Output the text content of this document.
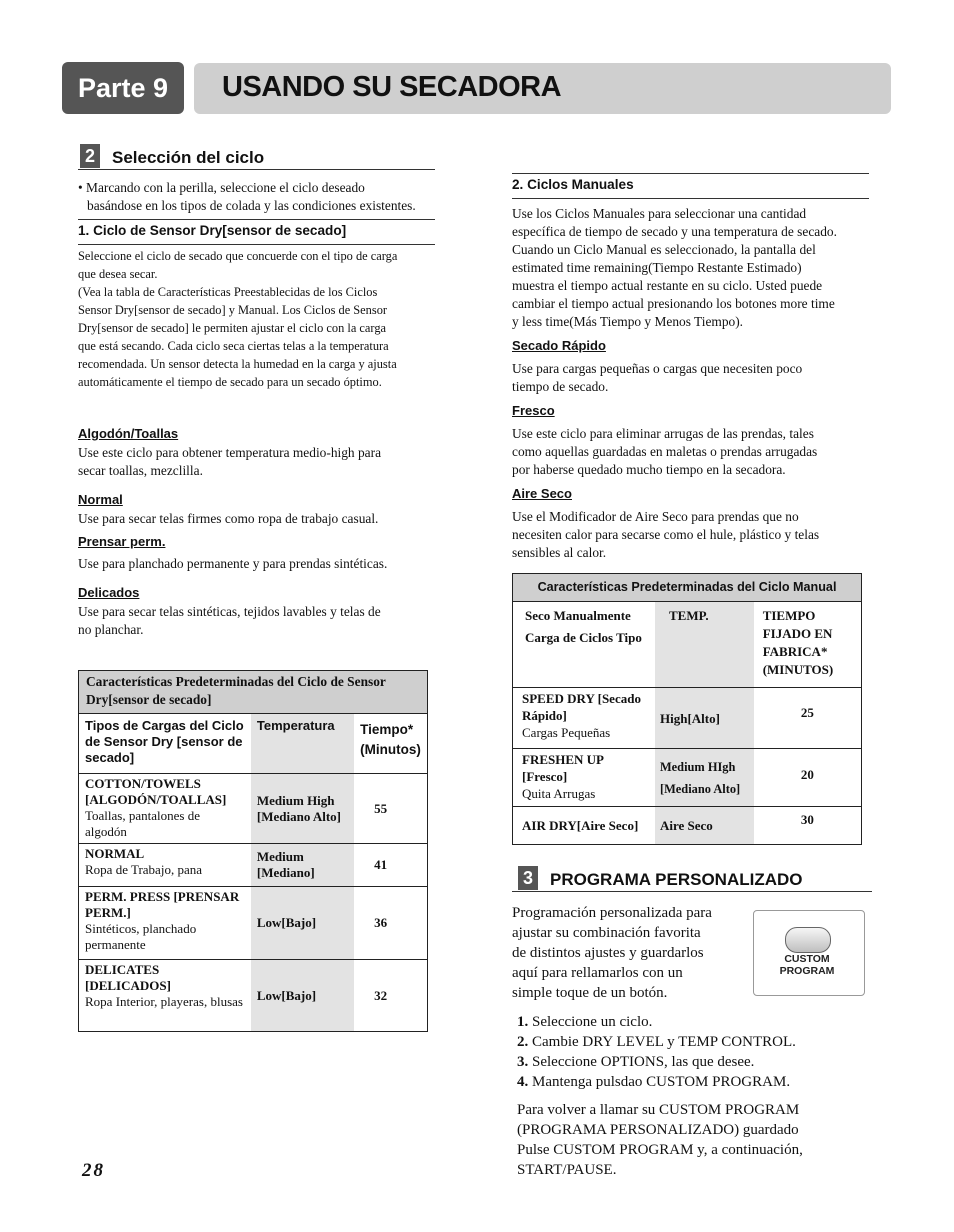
Parte 9	USANDO SU SECADORA
2 Selección del ciclo
• Marcando con la perilla, seleccione el ciclo deseado
basándose en los tipos de colada y las condiciones existentes.
1. Ciclo de Sensor Dry[sensor de secado]
Seleccione el ciclo de secado que concuerde con el tipo de carga
que desea secar.
(Vea la tabla de Características Preestablecidas de los Ciclos
Sensor Dry[sensor de secado] y Manual. Los Ciclos de Sensor
Dry[sensor de secado] le permiten ajustar el ciclo con la carga
que está secando. Cada ciclo seca ciertas telas a la temperatura
recomendada. Un sensor detecta la humedad en la carga y ajusta
automáticamente el tiempo de secado para un secado óptimo.
Algodón/Toallas
Use este ciclo para obtener temperatura medio-high para
secar toallas, mezclilla.
Normal
Use para secar telas firmes como ropa de trabajo casual.
Prensar perm.
Use para planchado permanente y para prendas sintéticas.
Delicados
Use para secar telas sintéticas, tejidos lavables y telas de
no planchar.
Características Predeterminadas del Ciclo de Sensor Dry[sensor de secado]		
Tipos de Cargas del Ciclo de Sensor Dry [sensor de secado]	Temperatura	Tiempo* (Minutos)

COTTON/TOWELS [ALGODÓN/TOALLAS]
Toallas, pantalones de algodón	Medium High [Mediano Alto]	55

NORMAL
Ropa de Trabajo, pana	Medium [Mediano]	41

PERM. PRESS [PRENSAR PERM.]
Sintéticos, planchado permanente	Low[Bajo]	36

DELICATES [DELICADOS]
Ropa Interior, playeras, blusas	Low[Bajo]	32
2. Ciclos Manuales
Use los Ciclos Manuales para seleccionar una cantidad
específica de tiempo de secado y una temperatura de secado.
Cuando un Ciclo Manual es seleccionado, la pantalla del
estimated time remaining(Tiempo Restante Estimado)
muestra el tiempo actual restante en su ciclo. Usted puede
cambiar el tiempo actual presionando los botones more time
y less time(Más Tiempo y Menos Tiempo).
Secado Rápido
Use para cargas pequeñas o cargas que necesiten poco
tiempo de secado.
Fresco
Use este ciclo para eliminar arrugas de las prendas, tales
como aquellas guardadas en maletas o prendas arrugadas
por haberse quedado mucho tiempo en la secadora.
Aire Seco
Use el Modificador de Aire Seco para prendas que no
necesiten calor para secarse como el hule, plástico y telas
sensibles al calor.
Características Predeterminadas del Ciclo Manual		

Seco Manualmente
Carga de Ciclos Tipo	TEMP.	TIEMPO FIJADO EN FABRICA* (MINUTOS)

SPEED DRY [Secado Rápido]
Cargas Pequeñas	High[Alto]	25

FRESHEN UP [Fresco]
Quita Arrugas	Medium HIgh [Mediano Alto]	20

AIR DRY[Aire Seco]	Aire Seco	30
3 PROGRAMA PERSONALIZADO
Programación personalizada para
ajustar su combinación favorita
de distintos ajustes y guardarlos
aquí para rellamarlos con un
simple toque de un botón.
CUSTOM
PROGRAM
1. Seleccione un ciclo.
2. Cambie DRY LEVEL y TEMP CONTROL.
3. Seleccione OPTIONS, las que desee.
4. Mantenga pulsdao CUSTOM PROGRAM.
Para volver a llamar su CUSTOM PROGRAM
(PROGRAMA PERSONALIZADO) guardado
Pulse CUSTOM PROGRAM y, a continuación,
START/PAUSE.
28
